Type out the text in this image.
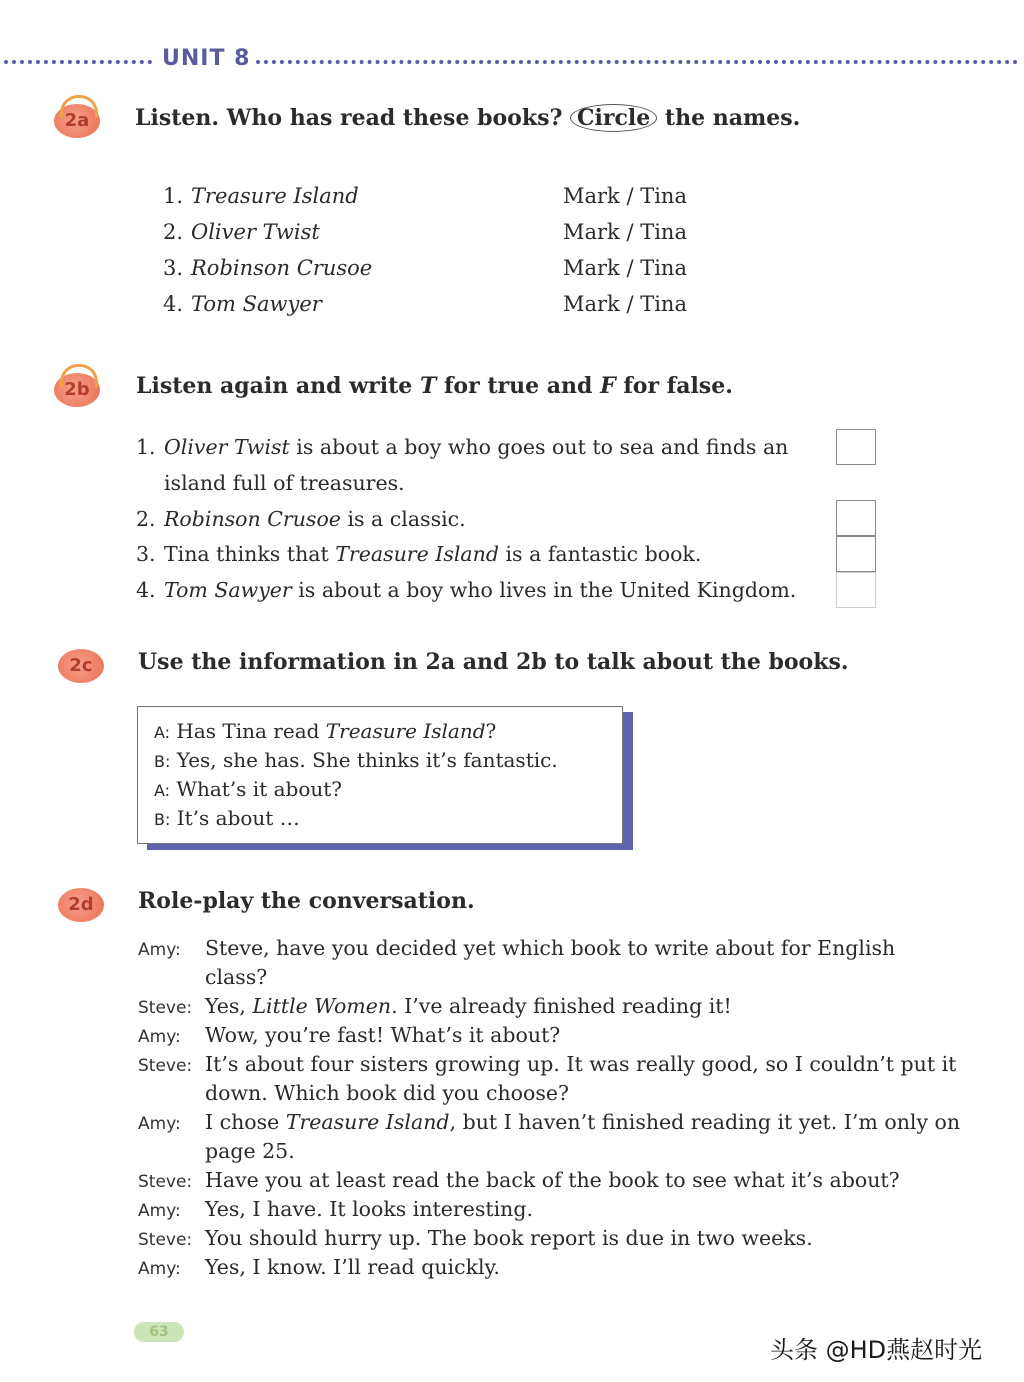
UNIT 8
2a	Listen. Who has read these books? Circle the names.
1. Treasure Island	Mark / Tina
2. Oliver Twist	Mark / Tina
3. Robinson Crusoe	Mark / Tina
4. Tom Sawyer	Mark / Tina
2b	Listen again and write T for true and F for false.
1. Oliver Twist is about a boy who goes out to sea and finds an
island full of treasures.
2. Robinson Crusoe is a classic.
3. Tina thinks that Treasure Island is a fantastic book.
4. Tom Sawyer is about a boy who lives in the United Kingdom.
2c	Use the information in 2a and 2b to talk about the books.
A: Has Tina read Treasure Island?
B: Yes, she has. She thinks it’s fantastic.
A: What’s it about?
B: It’s about …
2d	Role-play the conversation.
Amy: Steve, have you decided yet which book to write about for English
class?
Steve: Yes, Little Women. I’ve already finished reading it!
Amy: Wow, you’re fast! What’s it about?
Steve: It’s about four sisters growing up. It was really good, so I couldn’t put it
down. Which book did you choose?
Amy: I chose Treasure Island, but I haven’t finished reading it yet. I’m only on
page 25.
Steve: Have you at least read the back of the book to see what it’s about?
Amy: Yes, I have. It looks interesting.
Steve: You should hurry up. The book report is due in two weeks.
Amy: Yes, I know. I’ll read quickly.
63
头条 @HD燕赵时光
